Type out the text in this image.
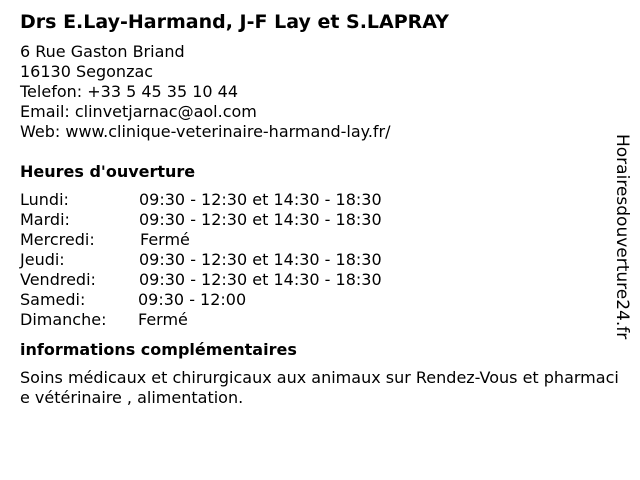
Drs E.Lay-Harmand, J-F Lay et S.LAPRAY
6 Rue Gaston Briand
16130 Segonzac
Telefon: +33 5 45 35 10 44
Email: clinvetjarnac@aol.com
Web: www.clinique-veterinaire-harmand-lay.fr/
Heures d'ouverture
Lundi:	09:30 - 12:30 et 14:30 - 18:30
Mardi:	09:30 - 12:30 et 14:30 - 18:30
Mercredi:	Fermé
Jeudi:	09:30 - 12:30 et 14:30 - 18:30
Vendredi:	09:30 - 12:30 et 14:30 - 18:30
Samedi:	09:30 - 12:00
Dimanche: Fermé
informations complémentaires
Soins médicaux et chirurgicaux aux animaux sur Rendez-Vous et pharmacie vétérinaire , alimentation.
Horairesdouverture24.fr
